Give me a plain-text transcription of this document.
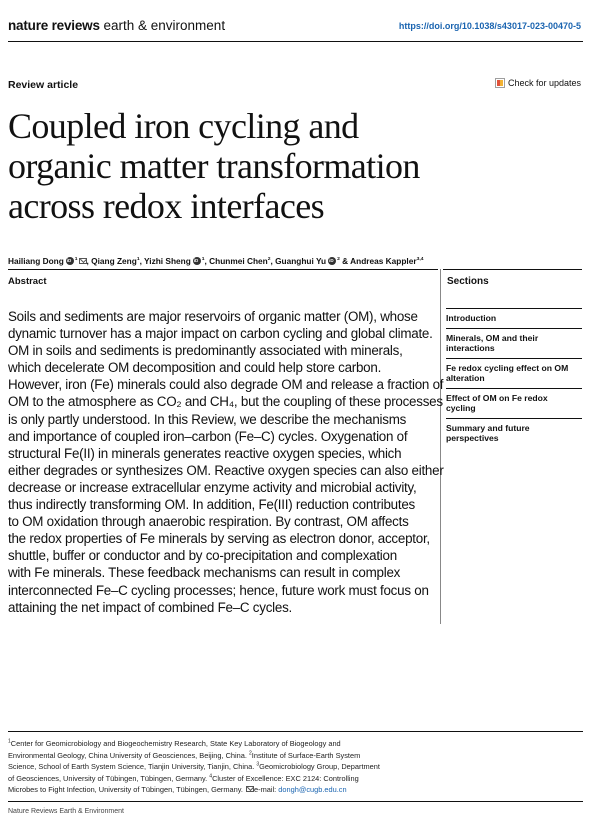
nature reviews earth & environment	https://doi.org/10.1038/s43017-023-00470-5
Review article	Check for updates
Coupled iron cycling and
organic matter transformation
across redox interfaces
Hailiang Dong iD $^1$ , Qiang Zeng$^1$, Yizhi Sheng iD $^1$, Chunmei Chen$^2$, Guanghui Yu iD $^2$ & Andreas Kappler$^{3,4}$
Abstract
Soils and sediments are major reservoirs of organic matter (OM), whose
dynamic turnover has a major impact on carbon cycling and global climate.
OM in soils and sediments is predominantly associated with minerals,
which decelerate OM decomposition and could help store carbon.
However, iron (Fe) minerals could also degrade OM and release a fraction of
OM to the atmosphere as CO₂ and CH₄, but the coupling of these processes
is only partly understood. In this Review, we describe the mechanisms
and importance of coupled iron–carbon (Fe–C) cycles. Oxygenation of
structural Fe(II) in minerals generates reactive oxygen species, which
either degrades or synthesizes OM. Reactive oxygen species can also either
decrease or increase extracellular enzyme activity and microbial activity,
thus indirectly transforming OM. In addition, Fe(III) reduction contributes
to OM oxidation through anaerobic respiration. By contrast, OM affects
the redox properties of Fe minerals by serving as electron donor, acceptor,
shuttle, buffer or conductor and by co-precipitation and complexation
with Fe minerals. These feedback mechanisms can result in complex
interconnected Fe–C cycling processes; hence, future work must focus on
attaining the net impact of combined Fe–C cycles.
Sections
Introduction
Minerals, OM and their
interactions
Fe redox cycling effect on OM
alteration
Effect of OM on Fe redox
cycling
Summary and future
perspectives
$^1$Center for Geomicrobiology and Biogeochemistry Research, State Key Laboratory of Biogeology and
Environmental Geology, China University of Geosciences, Beijing, China. $^2$Institute of Surface-Earth System
Science, School of Earth System Science, Tianjin University, Tianjin, China. $^3$Geomicrobiology Group, Department
of Geosciences, University of Tübingen, Tübingen, Germany. $^4$Cluster of Excellence: EXC 2124: Controlling
Microbes to Fight Infection, University of Tübingen, Tübingen, Germany. e-mail: dongh@cugb.edu.cn
Nature Reviews Earth & Environment
